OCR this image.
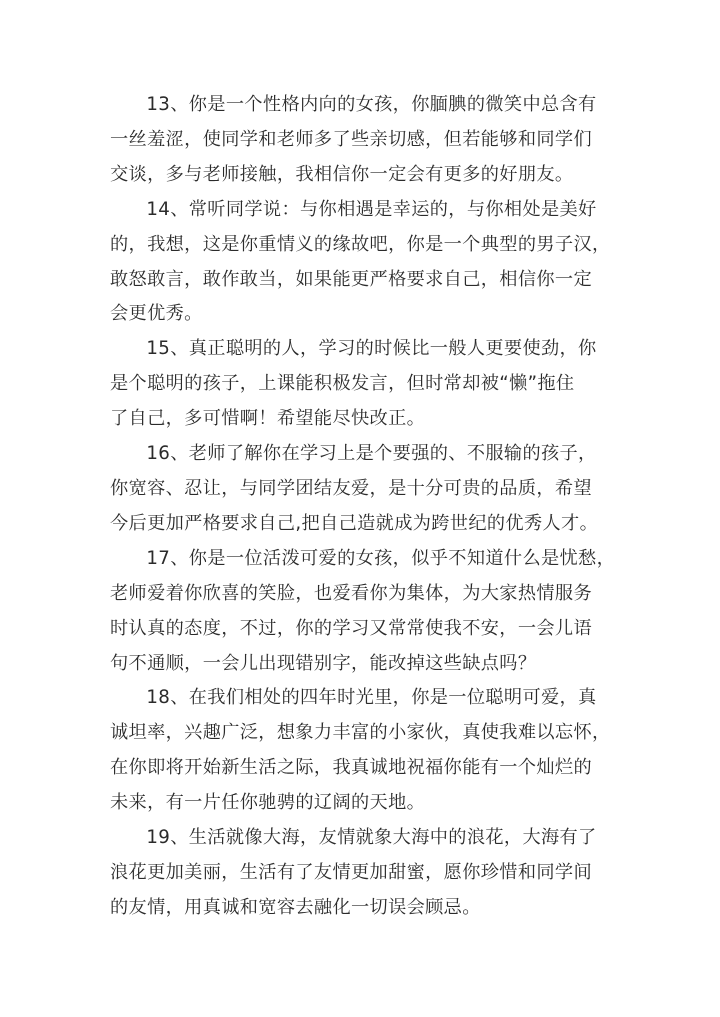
13、你是一个性格内向的女孩，你腼腆的微笑中总含有
一丝羞涩，使同学和老师多了些亲切感，但若能够和同学们
交谈，多与老师接触，我相信你一定会有更多的好朋友。

14、常听同学说：与你相遇是幸运的，与你相处是美好
的，我想，这是你重情义的缘故吧，你是一个典型的男子汉，
敢怒敢言，敢作敢当，如果能更严格要求自己，相信你一定
会更优秀。

15、真正聪明的人，学习的时候比一般人更要使劲，你
是个聪明的孩子，上课能积极发言，但时常却被“懒”拖住
了自己，多可惜啊！希望能尽快改正。

16、老师了解你在学习上是个要强的、不服输的孩子，
你宽容、忍让，与同学团结友爱，是十分可贵的品质，希望
今后更加严格要求自己,把自己造就成为跨世纪的优秀人才。

17、你是一位活泼可爱的女孩，似乎不知道什么是忧愁，
老师爱着你欣喜的笑脸，也爱看你为集体，为大家热情服务
时认真的态度，不过，你的学习又常常使我不安，一会儿语
句不通顺，一会儿出现错别字，能改掉这些缺点吗？

18、在我们相处的四年时光里，你是一位聪明可爱，真
诚坦率，兴趣广泛，想象力丰富的小家伙，真使我难以忘怀，
在你即将开始新生活之际，我真诚地祝福你能有一个灿烂的
未来，有一片任你驰骋的辽阔的天地。

19、生活就像大海，友情就象大海中的浪花，大海有了
浪花更加美丽，生活有了友情更加甜蜜，愿你珍惜和同学间
的友情，用真诚和宽容去融化一切误会顾忌。
